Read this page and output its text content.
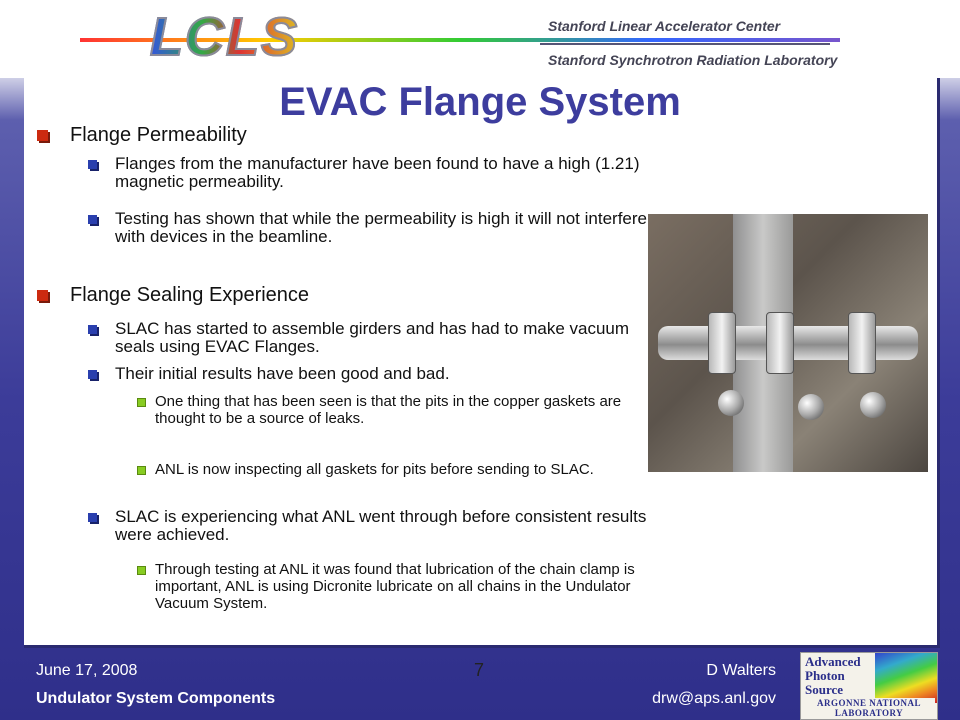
LCLS	Stanford Linear Accelerator Center
Stanford Synchrotron Radiation Laboratory
EVAC Flange System
Flange Permeability
Flanges from the manufacturer have been found to have a high (1.21) magnetic permeability.
Testing has shown that while the permeability is high it will not interfere with devices in the beamline.
Flange Sealing Experience
SLAC has started to assemble girders and has had to make vacuum seals using EVAC Flanges.
Their initial results have been good and bad.
One thing that has been seen is that the pits in the copper gaskets are thought to be a source of leaks.
ANL is now inspecting all gaskets for pits before sending to SLAC.
SLAC is experiencing what ANL went through before consistent results were achieved.
Through testing at ANL it was found that lubrication of the chain clamp is important, ANL is using Dicronite lubricate on all chains in the Undulator Vacuum System.
June 17, 2008	7	D Walters
Undulator System Components	drw@aps.anl.gov
Advanced
Photon
Source
ARGONNE NATIONAL LABORATORY
